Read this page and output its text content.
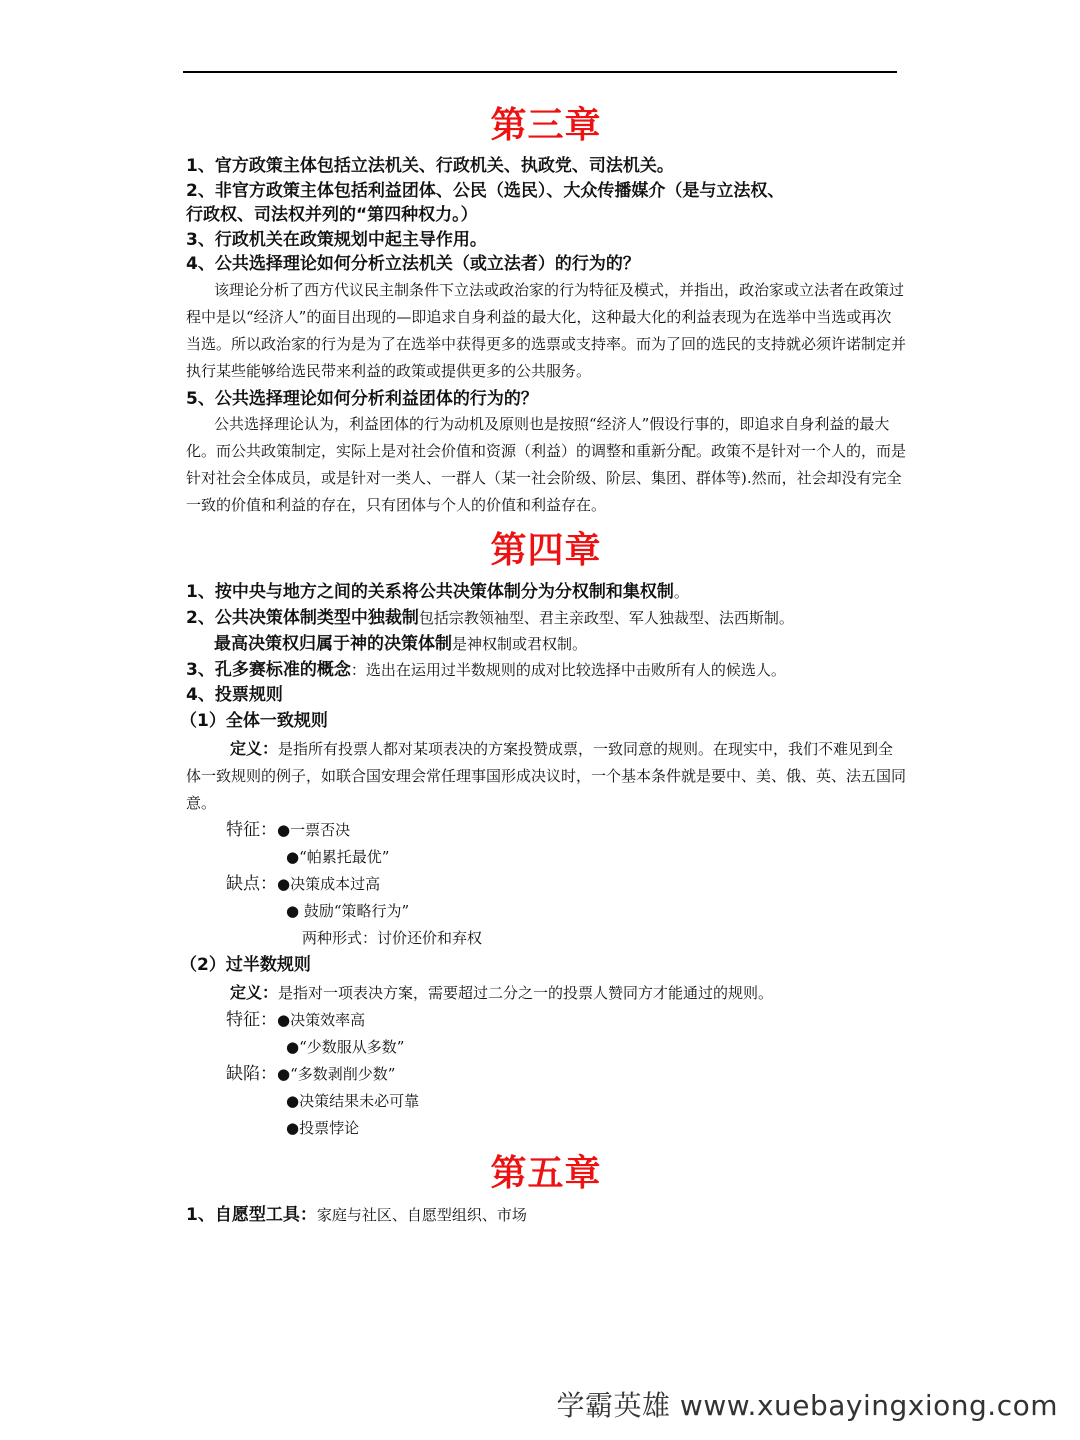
第三章

1、官方政策主体包括立法机关、行政机关、执政党、司法机关。

2、非官方政策主体包括利益团体、公民（选民）、大众传播媒介（是与立法权、

行政权、司法权并列的“第四种权力。）

3、行政机关在政策规划中起主导作用。

4、公共选择理论如何分析立法机关（或立法者）的行为的？

该理论分析了西方代议民主制条件下立法或政治家的行为特征及模式，并指出，政治家或立法者在政策过程中是以“经济人”的面目出现的—即追求自身利益的最大化，这种最大化的利益表现为在选举中当选或再次当选。所以政治家的行为是为了在选举中获得更多的选票或支持率。而为了回的选民的支持就必须许诺制定并执行某些能够给选民带来利益的政策或提供更多的公共服务。

5、公共选择理论如何分析利益团体的行为的？

公共选择理论认为，利益团体的行为动机及原则也是按照“经济人”假设行事的，即追求自身利益的最大化。而公共政策制定，实际上是对社会价值和资源（利益）的调整和重新分配。政策不是针对一个人的，而是针对社会全体成员，或是针对一类人、一群人（某一社会阶级、阶层、集团、群体等).然而，社会却没有完全一致的价值和利益的存在，只有团体与个人的价值和利益存在。

第四章

1、按中央与地方之间的关系将公共决策体制分为分权制和集权制。

2、公共决策体制类型中独裁制包括宗教领袖型、君主亲政型、军人独裁型、法西斯制。

最高决策权归属于神的决策体制是神权制或君权制。

3、孔多赛标准的概念：选出在运用过半数规则的成对比较选择中击败所有人的候选人。

4、投票规则

（1）全体一致规则

定义：是指所有投票人都对某项表决的方案投赞成票，一致同意的规则。在现实中，我们不难见到全体一致规则的例子，如联合国安理会常任理事国形成决议时，一个基本条件就是要中、美、俄、英、法五国同意。

特征：●一票否决

●“帕累托最优”

缺点：●决策成本过高

● 鼓励“策略行为”

两种形式：讨价还价和弃权

（2）过半数规则

定义：是指对一项表决方案，需要超过二分之一的投票人赞同方才能通过的规则。

特征：●决策效率高

●“少数服从多数”

缺陷：●“多数剥削少数”

●决策结果未必可靠

●投票悖论

第五章

1、自愿型工具：家庭与社区、自愿型组织、市场

学霸英雄 www.xuebayingxiong.com
